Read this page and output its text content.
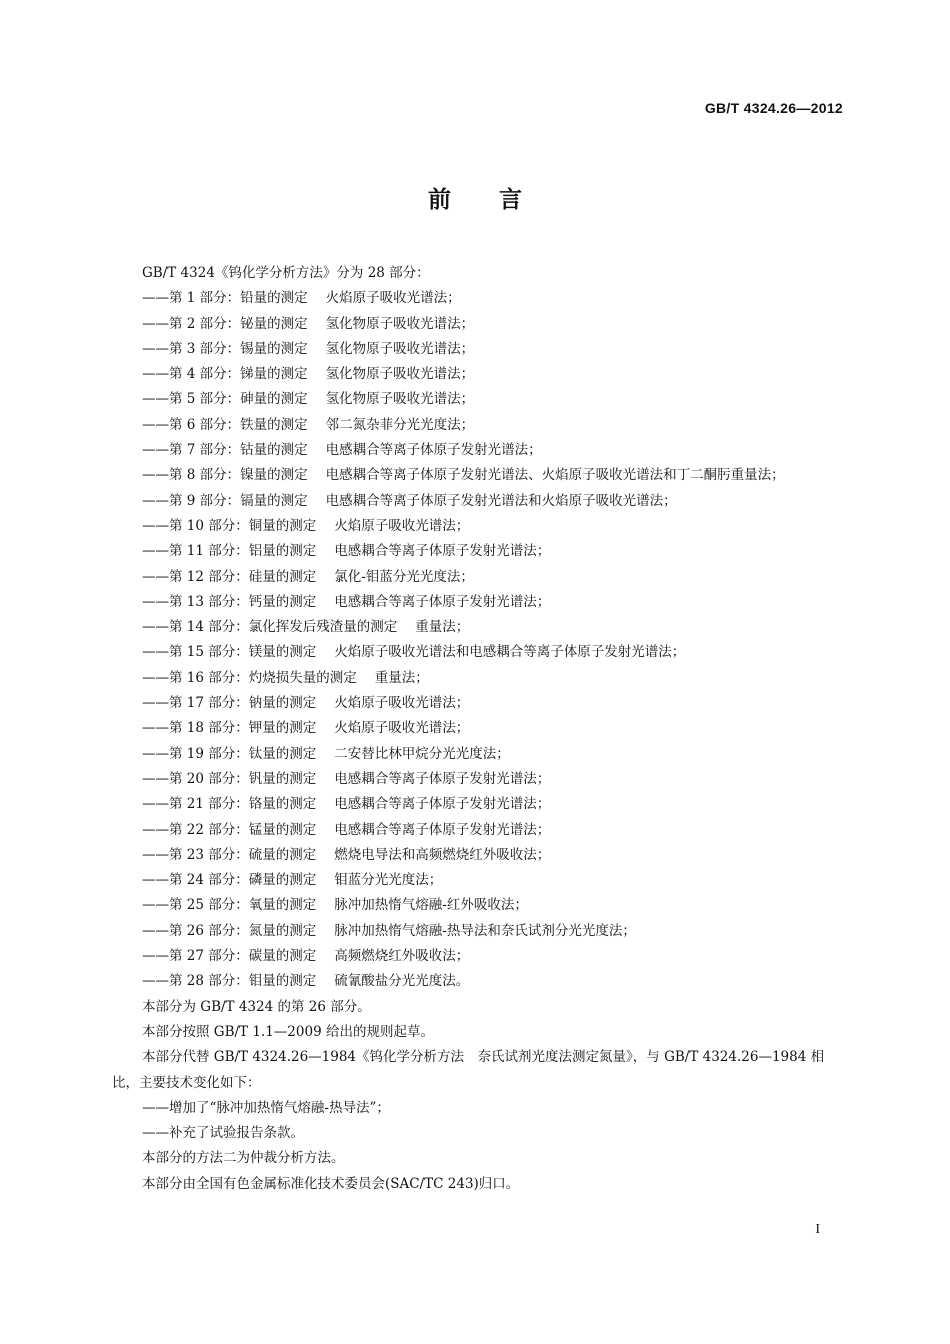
GB/T 4324.26—2012
前言
GB/T 4324《钨化学分析方法》分为 28 部分：
——第 1 部分：铅量的测定 火焰原子吸收光谱法；
——第 2 部分：铋量的测定 氢化物原子吸收光谱法；
——第 3 部分：锡量的测定 氢化物原子吸收光谱法；
——第 4 部分：锑量的测定 氢化物原子吸收光谱法；
——第 5 部分：砷量的测定 氢化物原子吸收光谱法；
——第 6 部分：铁量的测定 邻二氮杂菲分光光度法；
——第 7 部分：钴量的测定 电感耦合等离子体原子发射光谱法；
——第 8 部分：镍量的测定 电感耦合等离子体原子发射光谱法、火焰原子吸收光谱法和丁二酮肟重量法；
——第 9 部分：镉量的测定 电感耦合等离子体原子发射光谱法和火焰原子吸收光谱法；
——第 10 部分：铜量的测定 火焰原子吸收光谱法；
——第 11 部分：铝量的测定 电感耦合等离子体原子发射光谱法；
——第 12 部分：硅量的测定 氯化-钼蓝分光光度法；
——第 13 部分：钙量的测定 电感耦合等离子体原子发射光谱法；
——第 14 部分：氯化挥发后残渣量的测定 重量法；
——第 15 部分：镁量的测定 火焰原子吸收光谱法和电感耦合等离子体原子发射光谱法；
——第 16 部分：灼烧损失量的测定 重量法；
——第 17 部分：钠量的测定 火焰原子吸收光谱法；
——第 18 部分：钾量的测定 火焰原子吸收光谱法；
——第 19 部分：钛量的测定 二安替比林甲烷分光光度法；
——第 20 部分：钒量的测定 电感耦合等离子体原子发射光谱法；
——第 21 部分：铬量的测定 电感耦合等离子体原子发射光谱法；
——第 22 部分：锰量的测定 电感耦合等离子体原子发射光谱法；
——第 23 部分：硫量的测定 燃烧电导法和高频燃烧红外吸收法；
——第 24 部分：磷量的测定 钼蓝分光光度法；
——第 25 部分：氧量的测定 脉冲加热惰气熔融-红外吸收法；
——第 26 部分：氮量的测定 脉冲加热惰气熔融-热导法和奈氏试剂分光光度法；
——第 27 部分：碳量的测定 高频燃烧红外吸收法；
——第 28 部分：钼量的测定 硫氰酸盐分光光度法。
本部分为 GB/T 4324 的第 26 部分。
本部分按照 GB/T 1.1—2009 给出的规则起草。
本部分代替 GB/T 4324.26—1984《钨化学分析方法　奈氏试剂光度法测定氮量》，与 GB/T 4324.26—1984 相比，主要技术变化如下：
——增加了“脉冲加热惰气熔融-热导法”；
——补充了试验报告条款。
本部分的方法二为仲裁分析方法。
本部分由全国有色金属标准化技术委员会(SAC/TC 243)归口。
I
